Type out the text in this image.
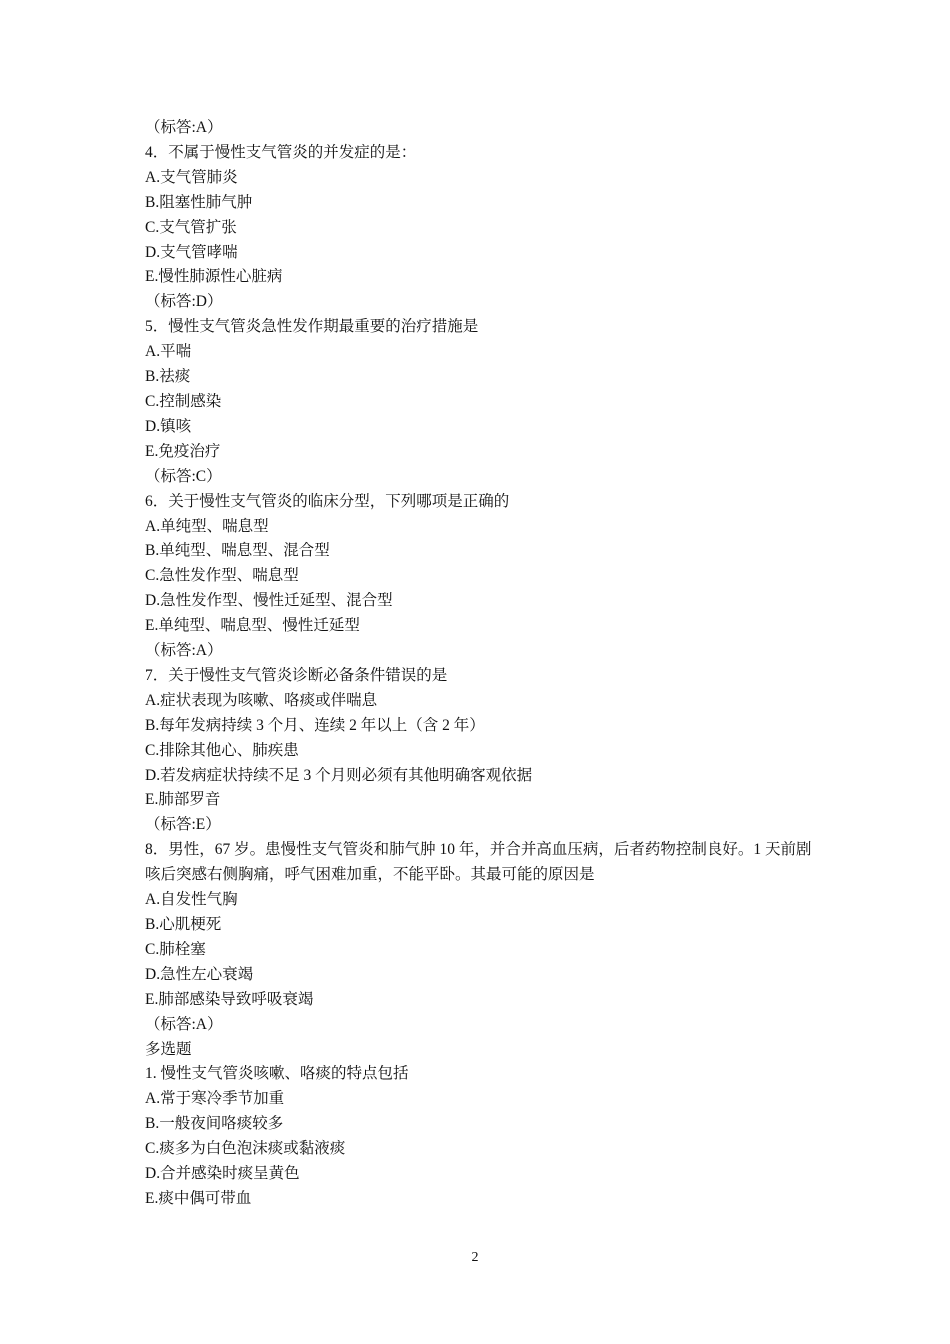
（标答:A）
4．不属于慢性支气管炎的并发症的是：
A.支气管肺炎
B.阻塞性肺气肿
C.支气管扩张
D.支气管哮喘
E.慢性肺源性心脏病
（标答:D）
5．慢性支气管炎急性发作期最重要的治疗措施是
A.平喘
B.祛痰
C.控制感染
D.镇咳
E.免疫治疗
（标答:C）
6．关于慢性支气管炎的临床分型，下列哪项是正确的
A.单纯型、喘息型
B.单纯型、喘息型、混合型
C.急性发作型、喘息型
D.急性发作型、慢性迁延型、混合型
E.单纯型、喘息型、慢性迁延型
（标答:A）
7．关于慢性支气管炎诊断必备条件错误的是
A.症状表现为咳嗽、咯痰或伴喘息
B.每年发病持续 3 个月、连续 2 年以上（含 2 年）
C.排除其他心、肺疾患
D.若发病症状持续不足 3 个月则必须有其他明确客观依据
E.肺部罗音
（标答:E）
8．男性，67 岁。患慢性支气管炎和肺气肿 10 年，并合并高血压病，后者药物控制良好。1 天前剧咳后突感右侧胸痛，呼气困难加重，不能平卧。其最可能的原因是
A.自发性气胸
B.心肌梗死
C.肺栓塞
D.急性左心衰竭
E.肺部感染导致呼吸衰竭
（标答:A）
多选题
1. 慢性支气管炎咳嗽、咯痰的特点包括
A.常于寒冷季节加重
B.一般夜间咯痰较多
C.痰多为白色泡沫痰或黏液痰
D.合并感染时痰呈黄色
E.痰中偶可带血
2
